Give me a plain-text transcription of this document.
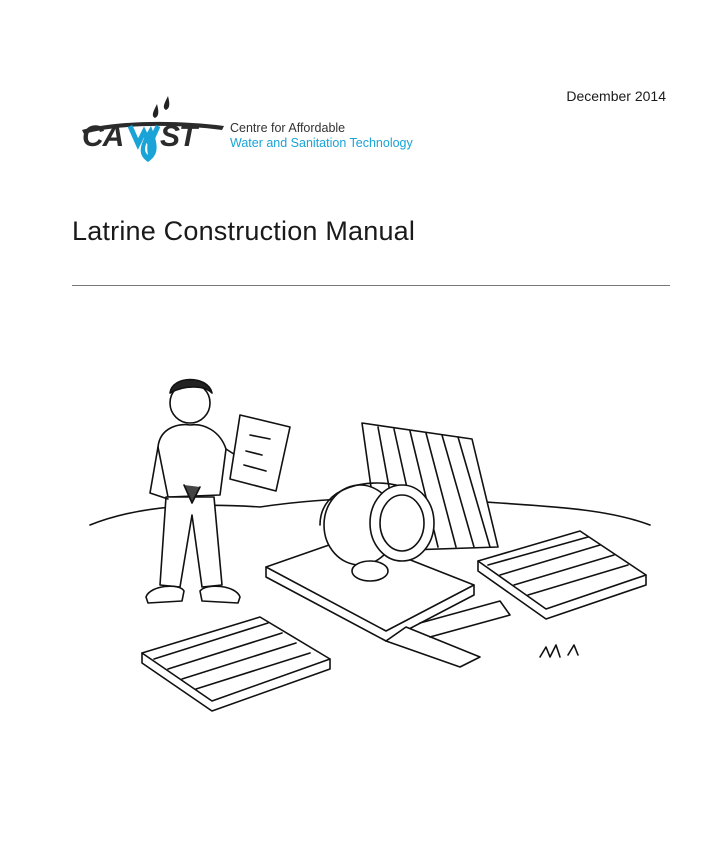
December 2014
CA ST	Centre for Affordable
Water and Sanitation Technology
Latrine Construction Manual
